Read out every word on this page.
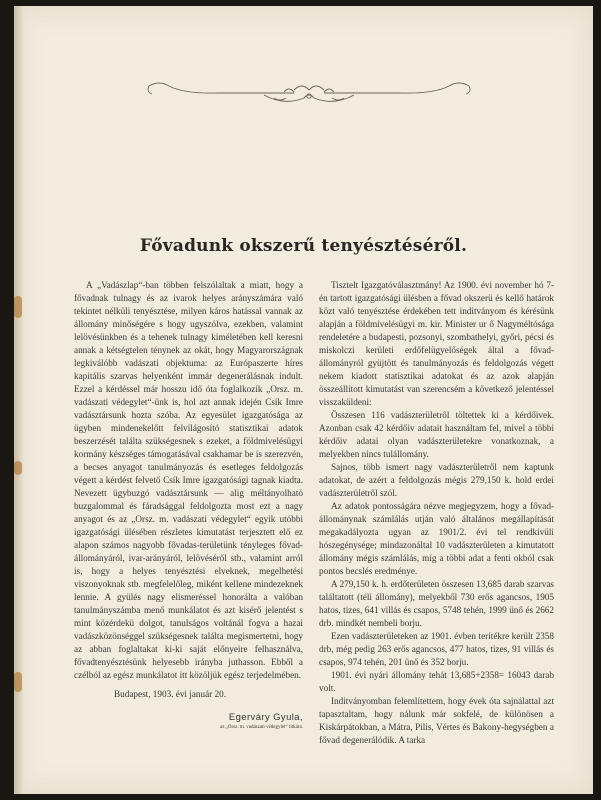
Fővadunk okszerű tenyésztéséről.

A „Vadászlap“-ban többen felszólaltak a miatt, hogy a fővadnak tulnagy és az ivarok helyes arányszámára való tekintet nélküli tenyésztése, milyen káros hatással vannak az állomány minőségére s hogy ugyszólva, ezekben, valamint lelövésünkben és a tehenek tulnagy kiméletében kell keresni annak a kétségtelen ténynek az okát, hogy Magyarországnak legkiválóbb vadászati objektuma: az Európaszerte híres kapitális szarvas helyenként immár degenerálásnak indult. Ezzel a kérdéssel már hosszu idő óta foglalkozik „Orsz. m. vadászati védegylet“-ünk is, hol azt annak idején Csík Imre vadásztársunk hozta szóba. Az egyesület igazgatósága az ügyben mindenekelőtt felvilágosító statisztikai adatok beszerzését találta szükségesnek s ezeket, a földmivelésügyi kormány készséges támogatásával csakhamar be is szerezvén, a becses anyagot tanulmányozás és esetleges feldolgozás végett a kérdést felvető Csík Imre igazgatósági tagnak kiadta. Nevezett ügybuzgó vadásztársunk — alig méltányolható buzgalommal és fáradsággal feldolgozta most ezt a nagy anyagot és az „Orsz. m. vadászati védegylet“ egyik utóbbi igazgatósági ülésében részletes kimutatást terjesztett elő ez alapon számos nagyobb fővadas-területünk tényleges fővad-állományáról, ivar-arányáról, lelövéséről stb., valamint arról is, hogy a helyes tenyésztési elveknek, megelhetési viszonyoknak stb. megfelelőleg, miként kellene mindezeknek lennie. A gyülés nagy elismeréssel honorálta a valóban tanulmányszámba menő munkálatot és azt kisérő jelentést s mint közérdekü dolgot, tanulságos voltánál fogva a hazai vadászközönséggel szükségesnek találta megismertetni, hogy az abban foglaltakat ki-ki saját előnyeire felhasználva, fővadtenyésztésünk helyesebb irányba juthasson. Ebből a czélból az egész munkálatot itt közöljük egész terjedelmében.

Budapest, 1903. évi január 20.

Egerváry Gyula,

az „Orsz. m. vadászati védegylet“ titkára.

Tisztelt Igazgatóválasztmány! Az 1900. évi november hó 7-én tartott igazgatósági ülésben a fővad okszerü és kellő határok közt való tenyésztése érdekében tett inditványom és kérésünk alapján a földmivelésügyi m. kir. Minister ur ő Nagyméltósága rendeletére a budapesti, pozsonyi, szombathelyi, győri, pécsi és miskolczi kerületi erdőfelügyelőségek által a fővad-állományról gyüjtött és tanulmányozás és feldolgozás végett nekem kiadott statisztikai adatokat és az azok alapján összeállított kimutatást van szerencsém a következő jelentéssel visszaküldeni:

Összesen 116 vadászterületről töltettek ki a kérdőivek. Azonban csak 42 kérdőiv adatait használtam fel, mivel a többi kérdőiv adatai olyan vadászterületekre vonatkoznak, a melyekben nincs tulállomány.

Sajnos, több ismert nagy vadászterületről nem kaptunk adatokat, de azért a feldolgozás mégis 279,150 k. hold erdei vadászterületről szól.

Az adatok pontosságára nézve megjegyzem, hogy a fővad-állománynak számlálás utján való általános megállapítását megakadályozta ugyan az 1901/2. évi tel rendkivüli hószegénysége; mindazonáltal 10 vadászterületen a kimutatott állomány mégis számlálás, míg a többi adat a fenti okból csak pontos becslés eredménye.

A 279,150 k. h. erdőterületen összesen 13,685 darab szarvas találtatott (téli állomány), melyekből 730 erős agancsos, 1905 hatos, tizes, 641 villás és csapos, 5748 tehén, 1999 ünő és 2662 drb. mindkét nembeli borju.

Ezen vadászterületeken az 1901. évben terítékre került 2358 drb, még pedig 263 erős agancsos, 477 hatos, tizes, 91 villás és csapos, 974 tehén, 201 ünő és 352 borju.

1901. évi nyári állomány tehát 13,685+2358= 16043 darab volt.

Inditványomban felemlítettem, hogy évek óta sajnálattal azt tapasztaltam, hogy nálunk már sokfelé, de különösen a Kiskárpátokban, a Mátra, Pilis, Vértes és Bakony-hegységben a fővad degenerálódik. A tarka
